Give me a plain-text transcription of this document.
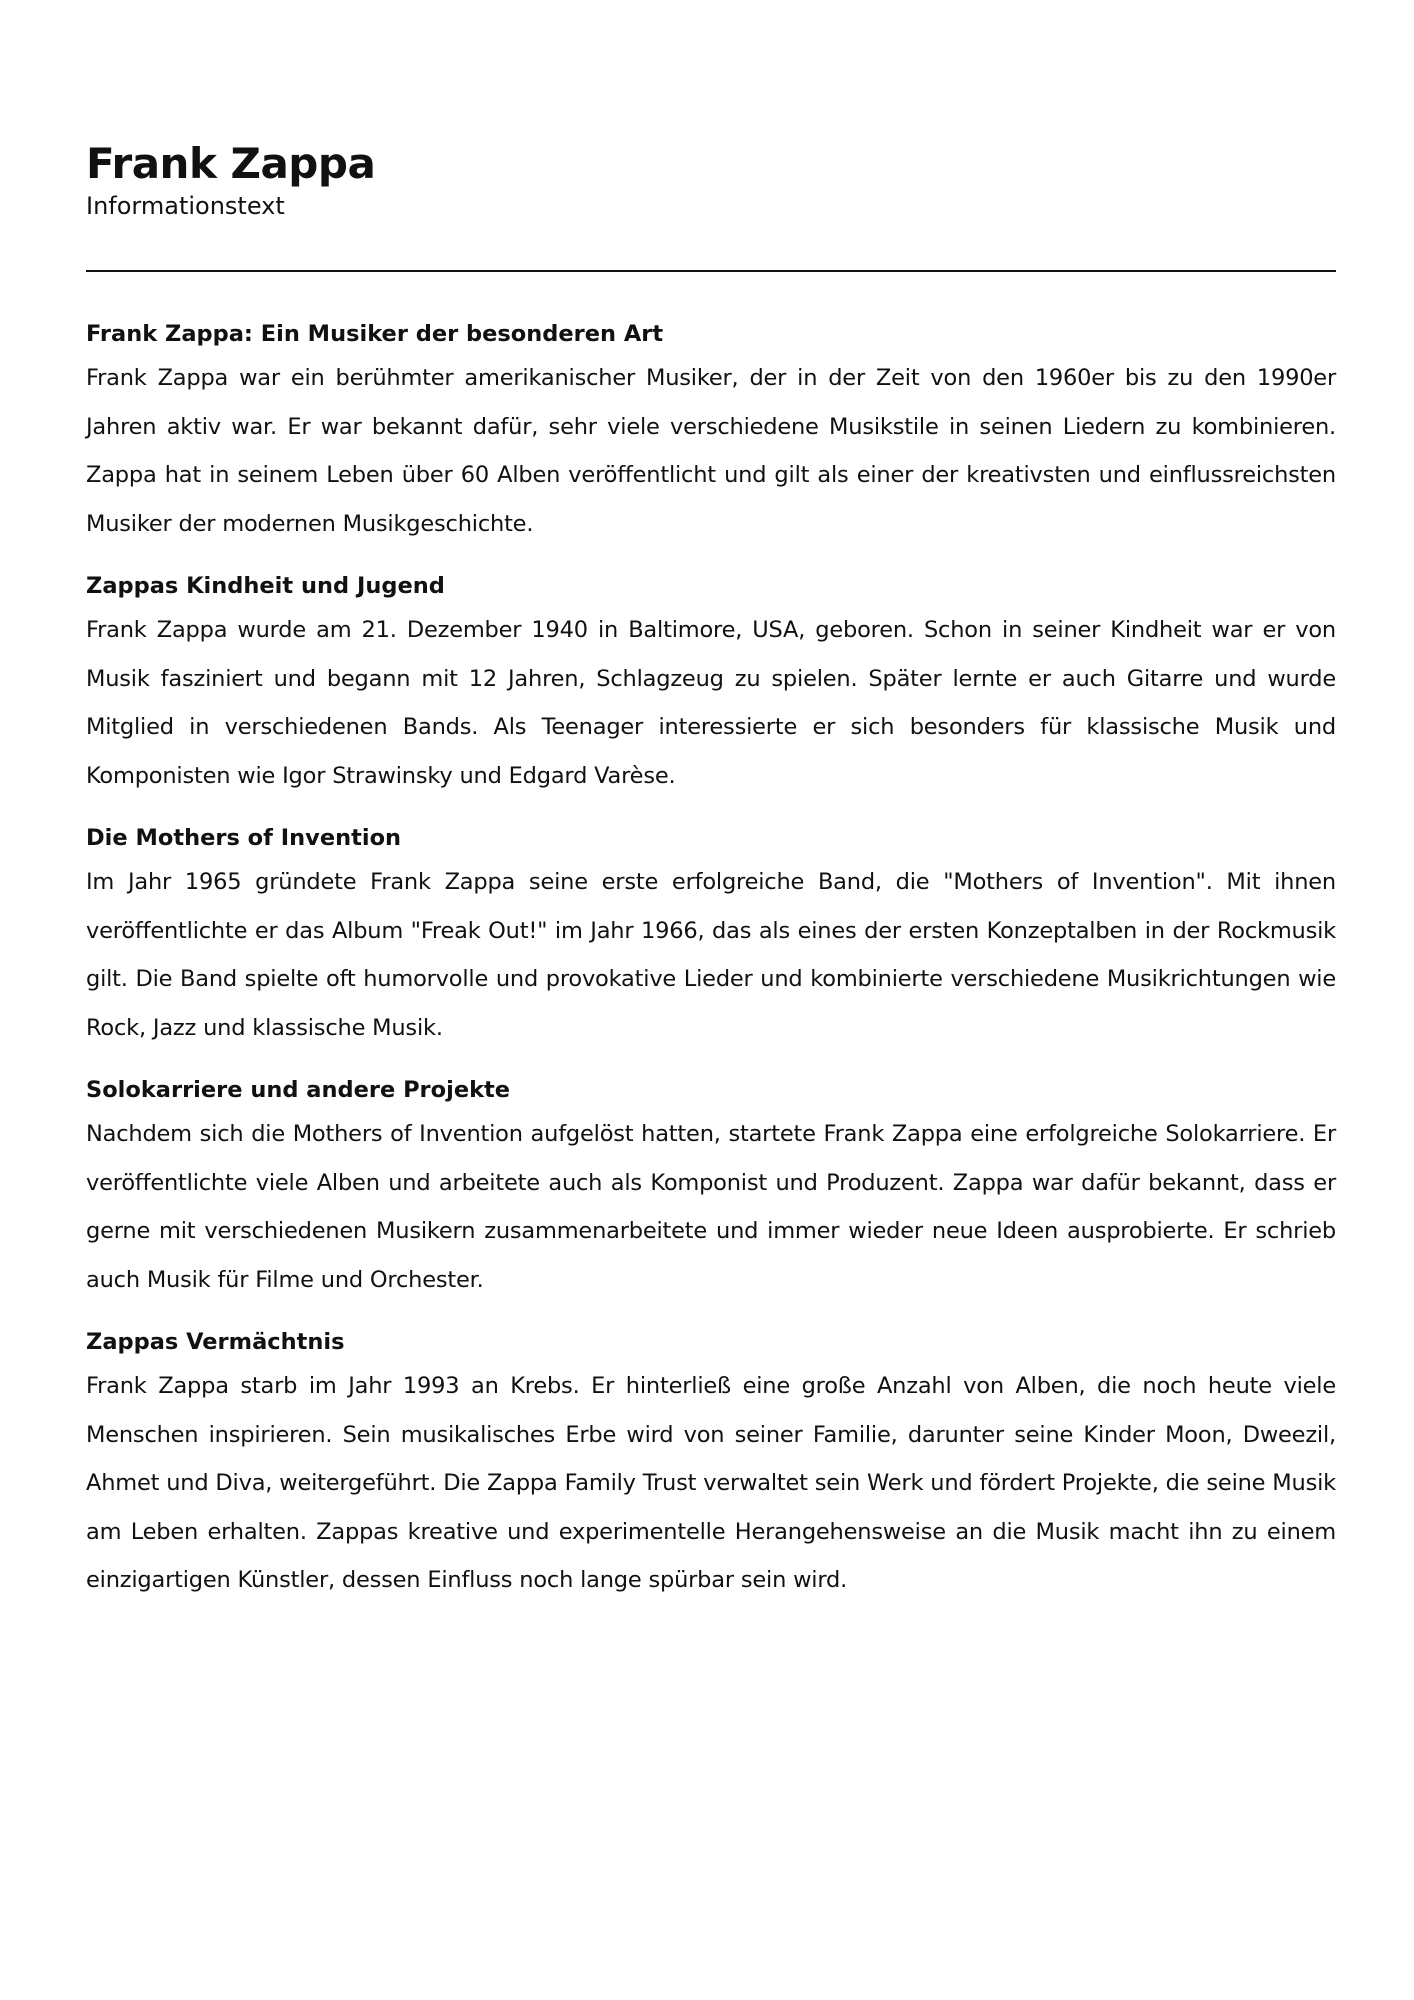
Frank Zappa

Informationstext

Frank Zappa: Ein Musiker der besonderen Art

Frank Zappa war ein berühmter amerikanischer Musiker, der in der Zeit von den 1960er bis zu den 1990er Jahren aktiv war. Er war bekannt dafür, sehr viele verschiedene Musikstile in seinen Liedern zu kombinieren. Zappa hat in seinem Leben über 60 Alben veröffentlicht und gilt als einer der kreativsten und einflussreichsten Musiker der modernen Musikgeschichte.

Zappas Kindheit und Jugend

Frank Zappa wurde am 21. Dezember 1940 in Baltimore, USA, geboren. Schon in seiner Kindheit war er von Musik fasziniert und begann mit 12 Jahren, Schlagzeug zu spielen. Später lernte er auch Gitarre und wurde Mitglied in verschiedenen Bands. Als Teenager interessierte er sich besonders für klassische Musik und Komponisten wie Igor Strawinsky und Edgard Varèse.

Die Mothers of Invention

Im Jahr 1965 gründete Frank Zappa seine erste erfolgreiche Band, die "Mothers of Invention". Mit ihnen veröffentlichte er das Album "Freak Out!" im Jahr 1966, das als eines der ersten Konzeptalben in der Rockmusik gilt. Die Band spielte oft humorvolle und provokative Lieder und kombinierte verschiedene Musikrichtungen wie Rock, Jazz und klassische Musik.

Solokarriere und andere Projekte

Nachdem sich die Mothers of Invention aufgelöst hatten, startete Frank Zappa eine erfolgreiche Solokarriere. Er veröffentlichte viele Alben und arbeitete auch als Komponist und Produzent. Zappa war dafür bekannt, dass er gerne mit verschiedenen Musikern zusammenarbeitete und immer wieder neue Ideen ausprobierte. Er schrieb auch Musik für Filme und Orchester.

Zappas Vermächtnis

Frank Zappa starb im Jahr 1993 an Krebs. Er hinterließ eine große Anzahl von Alben, die noch heute viele Menschen inspirieren. Sein musikalisches Erbe wird von seiner Familie, darunter seine Kinder Moon, Dweezil, Ahmet und Diva, weitergeführt. Die Zappa Family Trust verwaltet sein Werk und fördert Projekte, die seine Musik am Leben erhalten. Zappas kreative und experimentelle Herangehensweise an die Musik macht ihn zu einem einzigartigen Künstler, dessen Einfluss noch lange spürbar sein wird.
